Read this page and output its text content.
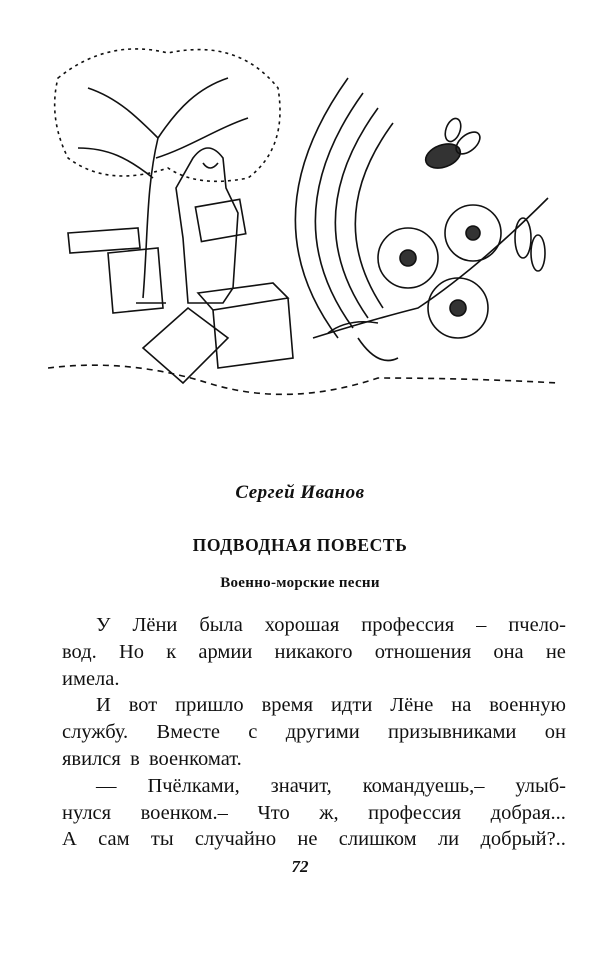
Сергей Иванов
ПОДВОДНАЯ ПОВЕСТЬ
Военно-морские песни
У Лёни была хорошая профессия – пчело-
вод. Но к армии никакого отношения она не
имела.
И вот пришло время идти Лёне на военную
службу. Вместе с другими призывниками он
явился в военкомат.
— Пчёлками, значит, командуешь,– улыб-
нулся военком.– Что ж, профессия добрая...
А сам ты случайно не слишком ли добрый?..
72
